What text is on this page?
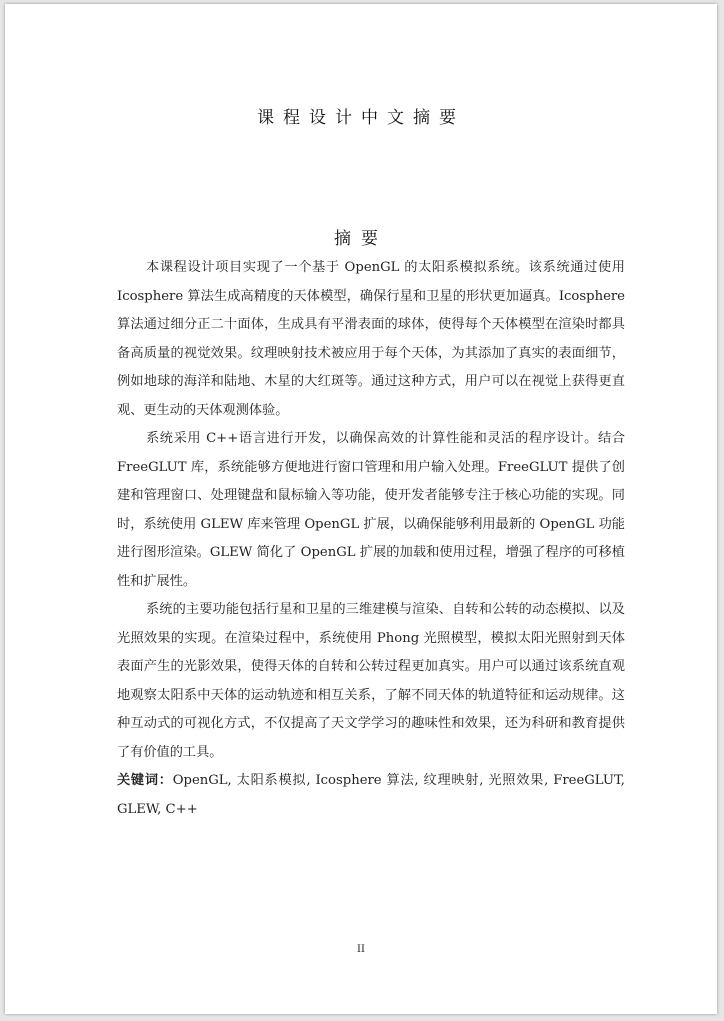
课程设计中文摘要
摘要

本课程设计项目实现了一个基于 OpenGL 的太阳系模拟系统。该系统通过使用 Icosphere 算法生成高精度的天体模型，确保行星和卫星的形状更加逼真。Icosphere 算法通过细分正二十面体，生成具有平滑表面的球体，使得每个天体模型在渲染时都具备高质量的视觉效果。纹理映射技术被应用于每个天体，为其添加了真实的表面细节，例如地球的海洋和陆地、木星的大红斑等。通过这种方式，用户可以在视觉上获得更直观、更生动的天体观测体验。

系统采用 C++语言进行开发，以确保高效的计算性能和灵活的程序设计。结合 FreeGLUT 库，系统能够方便地进行窗口管理和用户输入处理。FreeGLUT 提供了创建和管理窗口、处理键盘和鼠标输入等功能，使开发者能够专注于核心功能的实现。同时，系统使用 GLEW 库来管理 OpenGL 扩展，以确保能够利用最新的 OpenGL 功能进行图形渲染。GLEW 简化了 OpenGL 扩展的加载和使用过程，增强了程序的可移植性和扩展性。

系统的主要功能包括行星和卫星的三维建模与渲染、自转和公转的动态模拟、以及光照效果的实现。在渲染过程中，系统使用 Phong 光照模型，模拟太阳光照射到天体表面产生的光影效果，使得天体的自转和公转过程更加真实。用户可以通过该系统直观地观察太阳系中天体的运动轨迹和相互关系，了解不同天体的轨道特征和运动规律。这种互动式的可视化方式，不仅提高了天文学学习的趣味性和效果，还为科研和教育提供了有价值的工具。

关键词：OpenGL, 太阳系模拟, Icosphere 算法, 纹理映射, 光照效果, FreeGLUT, GLEW, C++

II
